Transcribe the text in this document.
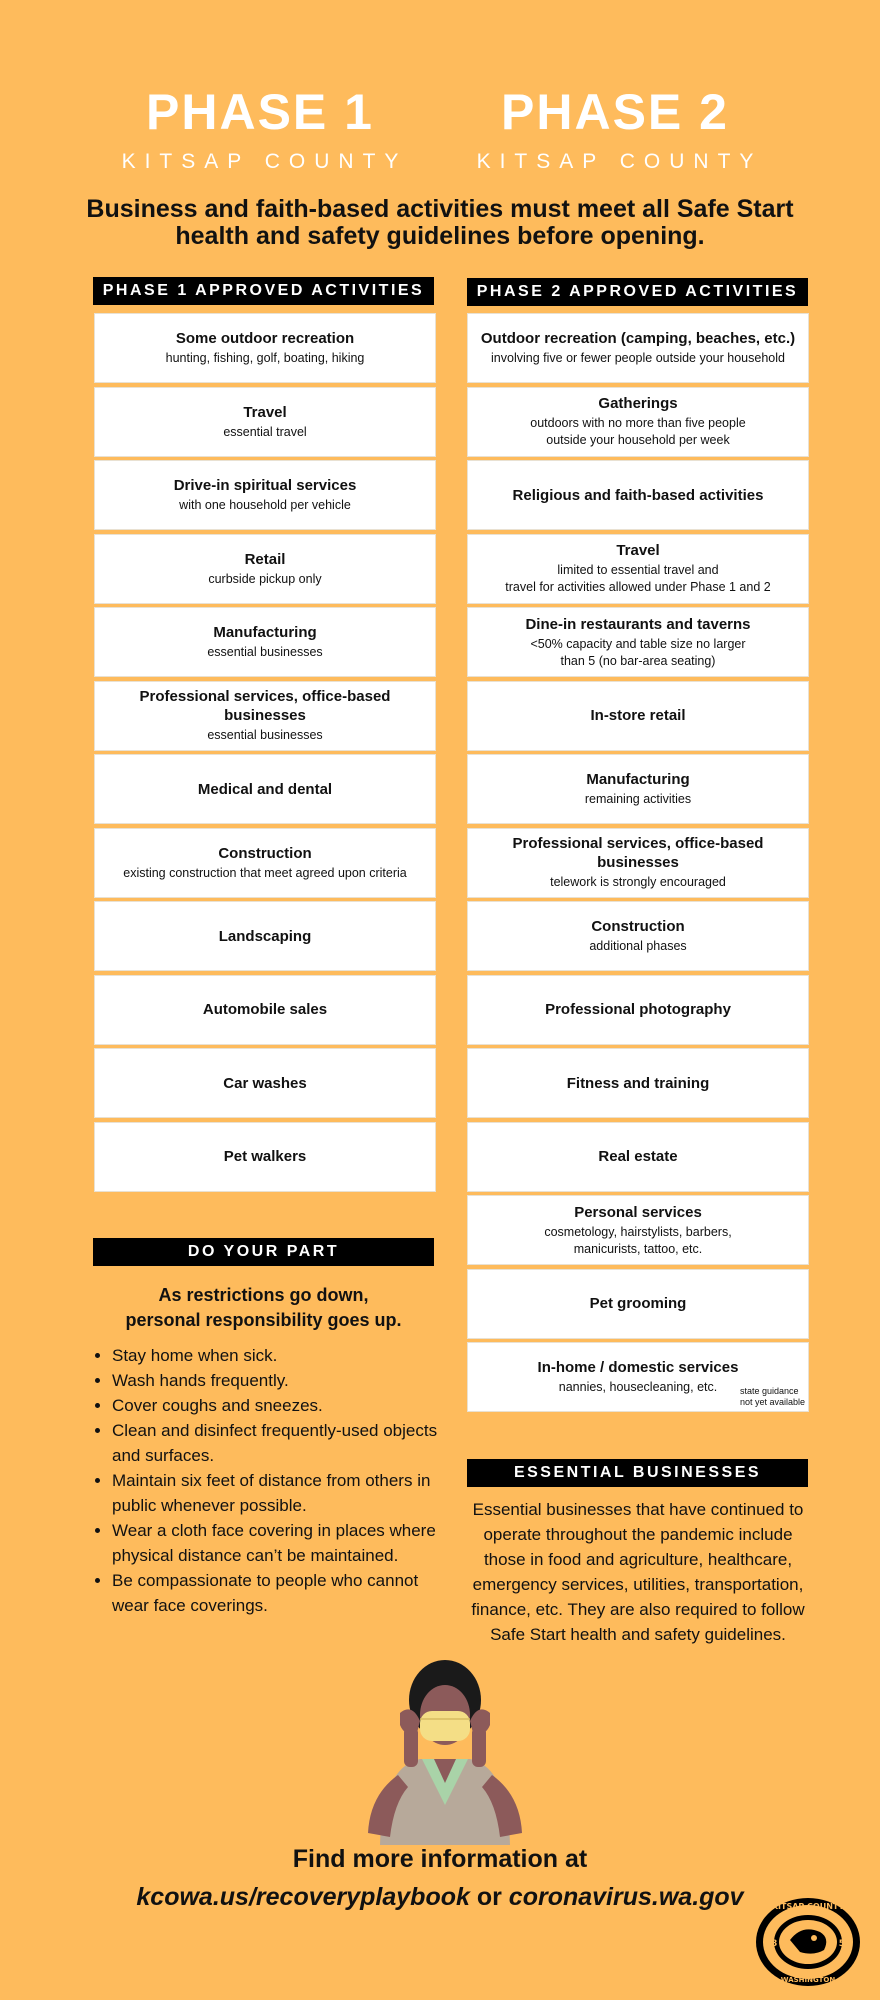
PHASE 1
KITSAP COUNTY
PHASE 2
KITSAP COUNTY
Business and faith-based activities must meet all Safe Start health and safety guidelines before opening.
PHASE 1 APPROVED ACTIVITIES	PHASE 2 APPROVED ACTIVITIES
Some outdoor recreation
hunting, fishing, golf, boating, hiking
Travel
essential travel
Drive-in spiritual services
with one household per vehicle
Retail
curbside pickup only
Manufacturing
essential businesses
Professional services, office-based businesses
essential businesses
Medical and dental
Construction
existing construction that meet agreed upon criteria
Landscaping
Automobile sales
Car washes
Pet walkers
Outdoor recreation (camping, beaches, etc.)
involving five or fewer people outside your household
Gatherings
outdoors with no more than five people
outside your household per week
Religious and faith-based activities
Travel
limited to essential travel and
travel for activities allowed under Phase 1 and 2
Dine-in restaurants and taverns
<50% capacity and table size no larger
than 5 (no bar-area seating)
In-store retail
Manufacturing
remaining activities
Professional services, office-based businesses
telework is strongly encouraged
Construction
additional phases
Professional photography
Fitness and training
Real estate
Personal services
cosmetology, hairstylists, barbers,
manicurists, tattoo, etc.
Pet grooming
In-home / domestic services
nannies, housecleaning, etc.	state guidance
not yet available
DO YOUR PART
As restrictions go down,
personal responsibility goes up.
• Stay home when sick.
• Wash hands frequently.
• Cover coughs and sneezes.
• Clean and disinfect frequently-used objects and surfaces.
• Maintain six feet of distance from others in public whenever possible.
• Wear a cloth face covering in places where physical distance can’t be maintained.
• Be compassionate to people who cannot wear face coverings.
ESSENTIAL BUSINESSES
Essential businesses that have continued to operate throughout the pandemic include those in food and agriculture, healthcare, emergency services, utilities, transportation, finance, etc. They are also required to follow Safe Start health and safety guidelines.
Find more information at
kcowa.us/recoveryplaybook or coronavirus.wa.gov	KITSAP COUNTY
18	57
WASHINGTON
